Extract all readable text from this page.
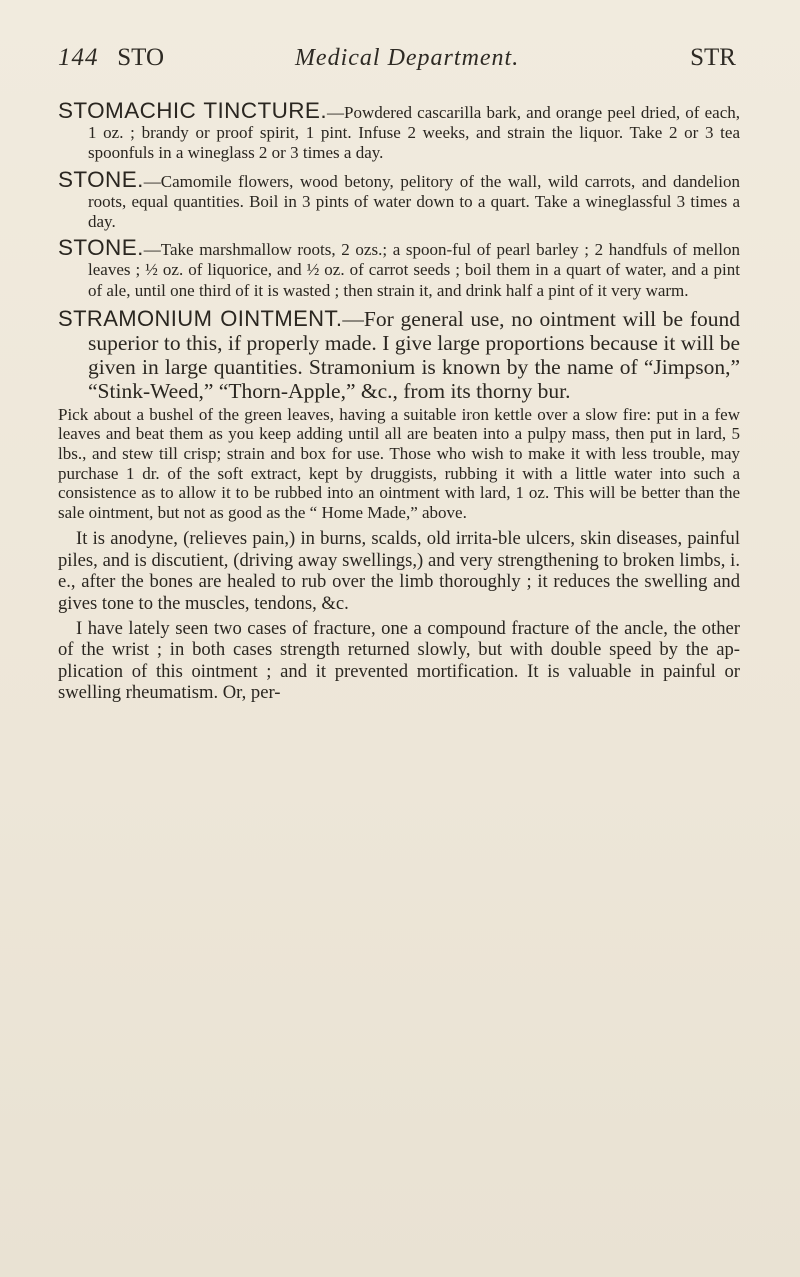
144 STO	Medical Department.	STR

STOMACHIC TINCTURE.—Powdered cascarilla bark, and orange peel dried, of each, 1 oz. ; brandy or proof spirit, 1 pint. Infuse 2 weeks, and strain the liquor. Take 2 or 3 tea spoonfuls in a wineglass 2 or 3 times a day.

STONE.—Camomile flowers, wood betony, pelitory of the wall, wild carrots, and dandelion roots, equal quantities. Boil in 3 pints of water down to a quart. Take a wineglassful 3 times a day.

STONE.—Take marshmallow roots, 2 ozs.; a spoon-ful of pearl barley ; 2 handfuls of mellon leaves ; ½ oz. of liquorice, and ½ oz. of carrot seeds ; boil them in a quart of water, and a pint of ale, until one third of it is wasted ; then strain it, and drink half a pint of it very warm.

STRAMONIUM OINTMENT.—For general use, no ointment will be found superior to this, if properly made. I give large proportions because it will be given in large quantities. Stramonium is known by the name of “Jimpson,” “Stink-Weed,” “Thorn-Apple,” &c., from its thorny bur.

Pick about a bushel of the green leaves, having a suitable iron kettle over a slow fire: put in a few leaves and beat them as you keep adding until all are beaten into a pulpy mass, then put in lard, 5 lbs., and stew till crisp; strain and box for use. Those who wish to make it with less trouble, may purchase 1 dr. of the soft extract, kept by druggists, rubbing it with a little water into such a consistence as to allow it to be rubbed into an ointment with lard, 1 oz. This will be better than the sale ointment, but not as good as the “ Home Made,” above.

It is anodyne, (relieves pain,) in burns, scalds, old irrita-ble ulcers, skin diseases, painful piles, and is discutient, (driving away swellings,) and very strengthening to broken limbs, i. e., after the bones are healed to rub over the limb thoroughly ; it reduces the swelling and gives tone to the muscles, tendons, &c.

I have lately seen two cases of fracture, one a compound fracture of the ancle, the other of the wrist ; in both cases strength returned slowly, but with double speed by the ap-plication of this ointment ; and it prevented mortification. It is valuable in painful or swelling rheumatism. Or, per-
